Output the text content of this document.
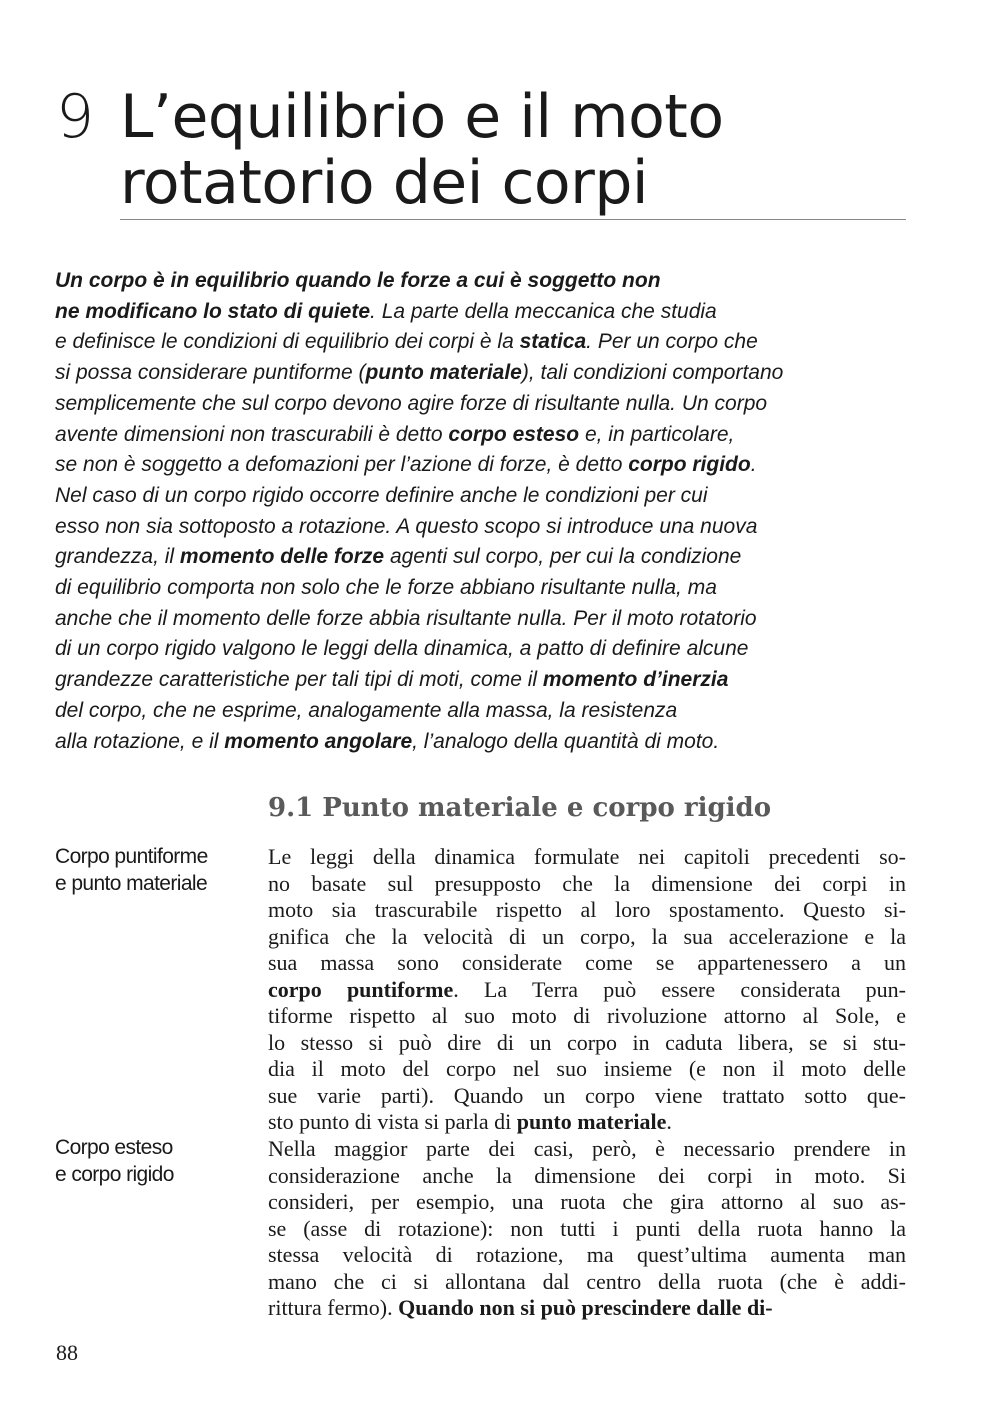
9 L’equilibrio e il moto
rotatorio dei corpi
Un corpo è in equilibrio quando le forze a cui è soggetto non
ne modificano lo stato di quiete. La parte della meccanica che studia
e definisce le condizioni di equilibrio dei corpi è la statica. Per un corpo che
si possa considerare puntiforme (punto materiale), tali condizioni comportano
semplicemente che sul corpo devono agire forze di risultante nulla. Un corpo
avente dimensioni non trascurabili è detto corpo esteso e, in particolare,
se non è soggetto a defomazioni per l’azione di forze, è detto corpo rigido.
Nel caso di un corpo rigido occorre definire anche le condizioni per cui
esso non sia sottoposto a rotazione. A questo scopo si introduce una nuova
grandezza, il momento delle forze agenti sul corpo, per cui la condizione
di equilibrio comporta non solo che le forze abbiano risultante nulla, ma
anche che il momento delle forze abbia risultante nulla. Per il moto rotatorio
di un corpo rigido valgono le leggi della dinamica, a patto di definire alcune
grandezze caratteristiche per tali tipi di moti, come il momento d’inerzia
del corpo, che ne esprime, analogamente alla massa, la resistenza
alla rotazione, e il momento angolare, l’analogo della quantità di moto.
9.1 Punto materiale e corpo rigido
Corpo puntiforme
e punto materiale
Corpo esteso
e corpo rigido
Le leggi della dinamica formulate nei capitoli precedenti so-
no basate sul presupposto che la dimensione dei corpi in
moto sia trascurabile rispetto al loro spostamento. Questo si-
gnifica che la velocità di un corpo, la sua accelerazione e la
sua massa sono considerate come se appartenessero a un
corpo puntiforme. La Terra può essere considerata pun-
tiforme rispetto al suo moto di rivoluzione attorno al Sole, e
lo stesso si può dire di un corpo in caduta libera, se si stu-
dia il moto del corpo nel suo insieme (e non il moto delle
sue varie parti). Quando un corpo viene trattato sotto que-
sto punto di vista si parla di punto materiale.
Nella maggior parte dei casi, però, è necessario prendere in
considerazione anche la dimensione dei corpi in moto. Si
consideri, per esempio, una ruota che gira attorno al suo as-
se (asse di rotazione): non tutti i punti della ruota hanno la
stessa velocità di rotazione, ma quest’ultima aumenta man
mano che ci si allontana dal centro della ruota (che è addi-
rittura fermo). Quando non si può prescindere dalle di-
88
